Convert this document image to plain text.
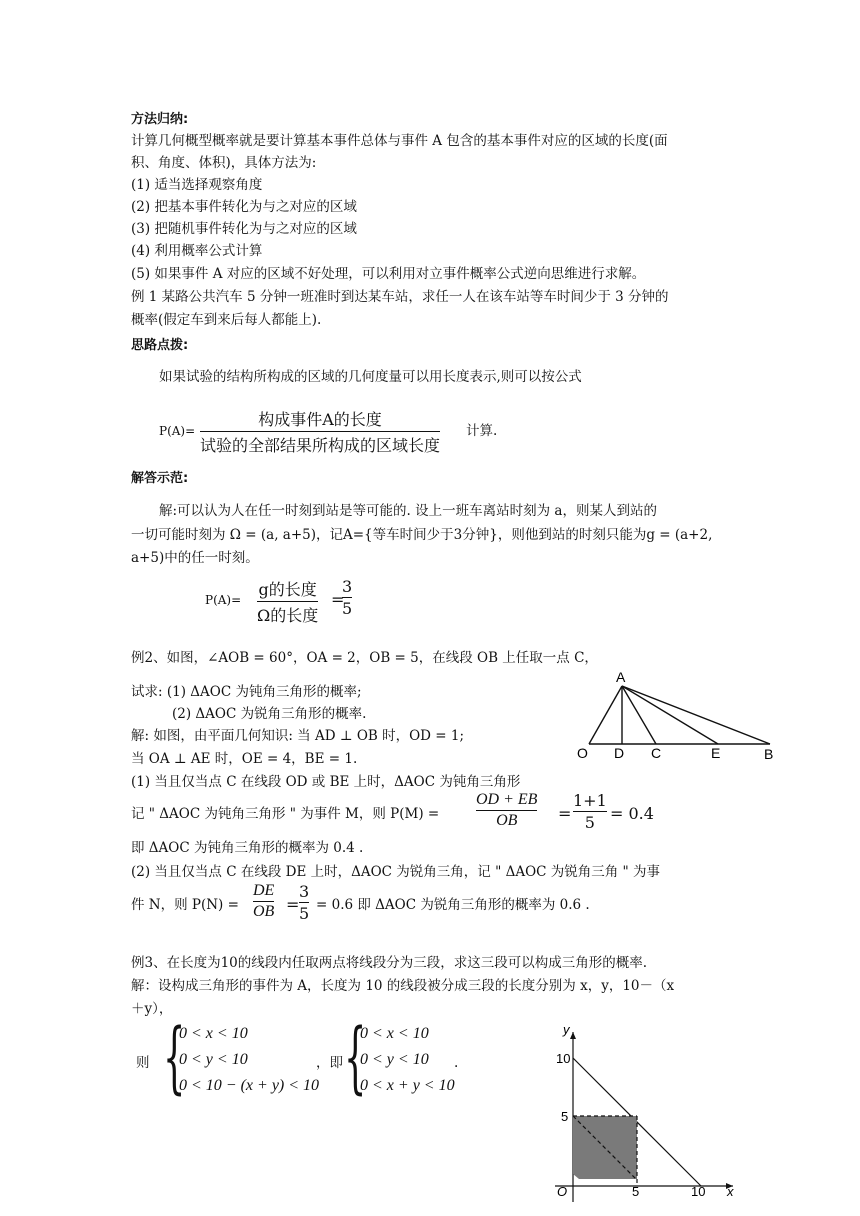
方法归纳:
计算几何概型概率就是要计算基本事件总体与事件 A 包含的基本事件对应的区域的长度(面
积、角度、体积)，具体方法为:
(1) 适当选择观察角度
(2) 把基本事件转化为与之对应的区域
(3) 把随机事件转化为与之对应的区域
(4) 利用概率公式计算
(5) 如果事件 A 对应的区域不好处理，可以利用对立事件概率公式逆向思维进行求解。
例 1 某路公共汽车 5 分钟一班准时到达某车站，求任一人在该车站等车时间少于 3 分钟的
概率(假定车到来后每人都能上).
思路点拨:
如果试验的结构所构成的区域的几何度量可以用长度表示,则可以按公式
P(A)=
构成事件A的长度
试验的全部结果所构成的区域长度
计算.
解答示范:
解:可以认为人在任一时刻到站是等可能的. 设上一班车离站时刻为 a，则某人到站的
一切可能时刻为 Ω = (a, a+5)，记A={等车时间少于3分钟}，则他到站的时刻只能为g = (a+2,
a+5)中的任一时刻。
P(A)=
g的长度
Ω的长度
=
3
5
例2、如图，∠AOB = 60°，OA = 2，OB = 5，在线段 OB 上任取一点 C，
试求: (1) ΔAOC 为钝角三角形的概率;
(2) ΔAOC 为锐角三角形的概率.
解: 如图，由平面几何知识: 当 AD ⊥ OB 时，OD = 1;
当 OA ⊥ AE 时，OE = 4，BE = 1.
(1) 当且仅当点 C 在线段 OD 或 BE 上时，ΔAOC 为钝角三角形
记 " ΔAOC 为钝角三角形 " 为事件 M，则 P(M) =
OD + EB
OB	=
1+1
5 = 0.4
即 ΔAOC 为钝角三角形的概率为 0.4 .
(2) 当且仅当点 C 在线段 DE 上时，ΔAOC 为锐角三角，记 " ΔAOC 为锐角三角 " 为事
件 N，则 P(N) =
DE
OB =
3
5 = 0.6 即 ΔAOC 为锐角三角形的概率为 0.6 .
A
O D C	E	B
例3、在长度为10的线段内任取两点将线段分为三段，求这三段可以构成三角形的概率.
解：设构成三角形的事件为 A，长度为 10 的线段被分成三段的长度分别为 x，y，10－（x
＋y），
则 {
0 < x < 10
0 < y < 10
0 < 10 − (x + y) < 10
，即 {
0 < x < 10
0 < y < 10
0 < x + y < 10
.
y
x
O
10
5
5	10
